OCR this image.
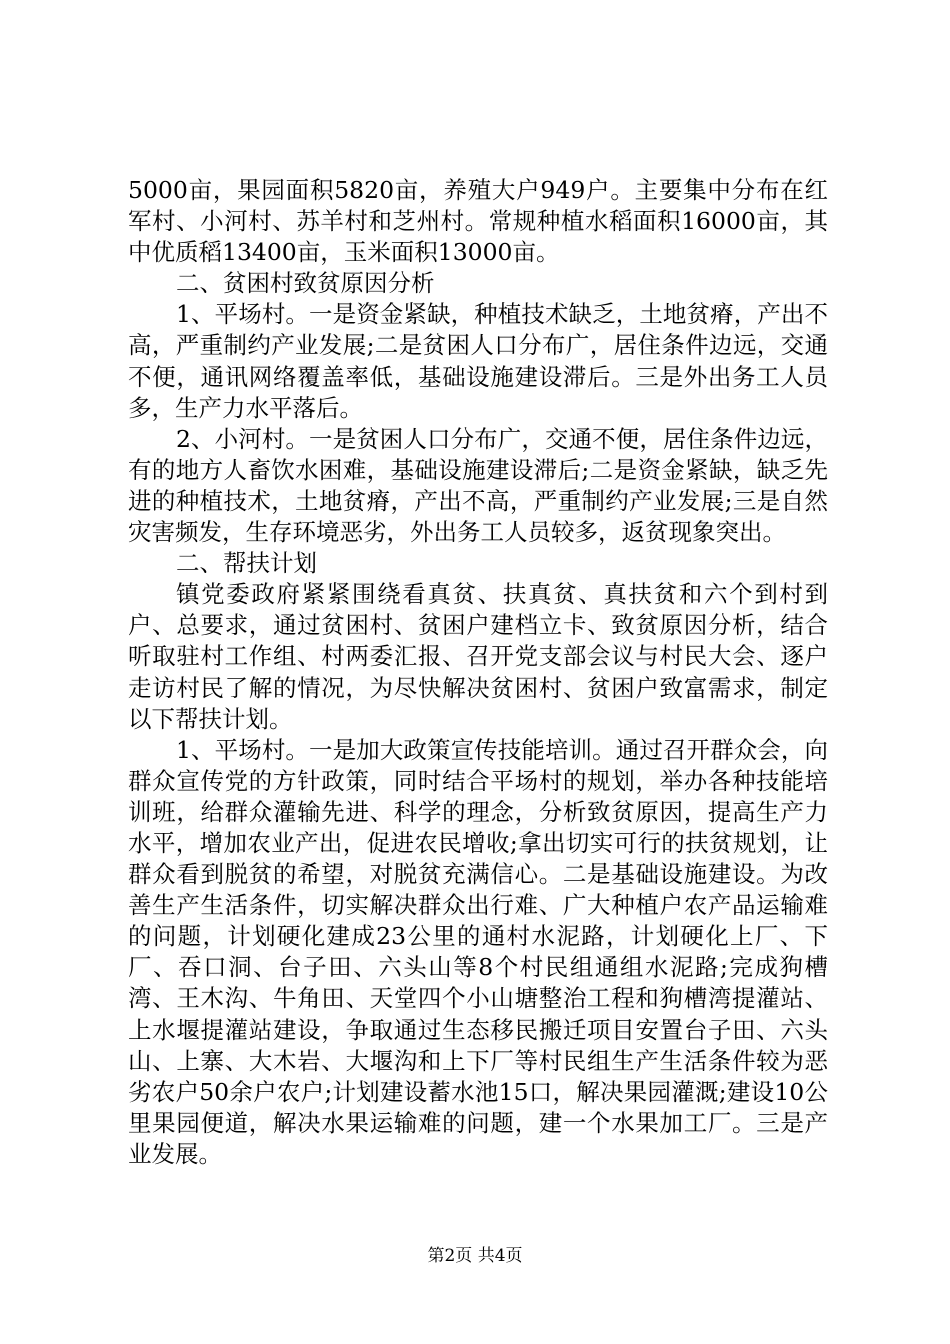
5000亩，果园面积5820亩，养殖大户949户。主要集中分布在红军村、小河村、苏羊村和芝州村。常规种植水稻面积16000亩，其中优质稻13400亩，玉米面积13000亩。

二、贫困村致贫原因分析

1、平场村。一是资金紧缺，种植技术缺乏，土地贫瘠，产出不高，严重制约产业发展;二是贫困人口分布广，居住条件边远，交通不便，通讯网络覆盖率低，基础设施建设滞后。三是外出务工人员多，生产力水平落后。

2、小河村。一是贫困人口分布广，交通不便，居住条件边远，有的地方人畜饮水困难，基础设施建设滞后;二是资金紧缺，缺乏先进的种植技术，土地贫瘠，产出不高，严重制约产业发展;三是自然灾害频发，生存环境恶劣，外出务工人员较多，返贫现象突出。

二、帮扶计划

镇党委政府紧紧围绕看真贫、扶真贫、真扶贫和六个到村到户、总要求，通过贫困村、贫困户建档立卡、致贫原因分析，结合听取驻村工作组、村两委汇报、召开党支部会议与村民大会、逐户走访村民了解的情况，为尽快解决贫困村、贫困户致富需求，制定以下帮扶计划。

1、平场村。一是加大政策宣传技能培训。通过召开群众会，向群众宣传党的方针政策，同时结合平场村的规划，举办各种技能培训班，给群众灌输先进、科学的理念，分析致贫原因，提高生产力水平，增加农业产出，促进农民增收;拿出切实可行的扶贫规划，让群众看到脱贫的希望，对脱贫充满信心。二是基础设施建设。为改善生产生活条件，切实解决群众出行难、广大种植户农产品运输难的问题，计划硬化建成23公里的通村水泥路，计划硬化上厂、下厂、吞口洞、台子田、六头山等8个村民组通组水泥路;完成狗槽湾、王木沟、牛角田、天堂四个小山塘整治工程和狗槽湾提灌站、上水堰提灌站建设，争取通过生态移民搬迁项目安置台子田、六头山、上寨、大木岩、大堰沟和上下厂等村民组生产生活条件较为恶劣农户50余户农户;计划建设蓄水池15口，解决果园灌溉;建设10公里果园便道，解决水果运输难的问题，建一个水果加工厂。三是产业发展。

第2页 共4页
